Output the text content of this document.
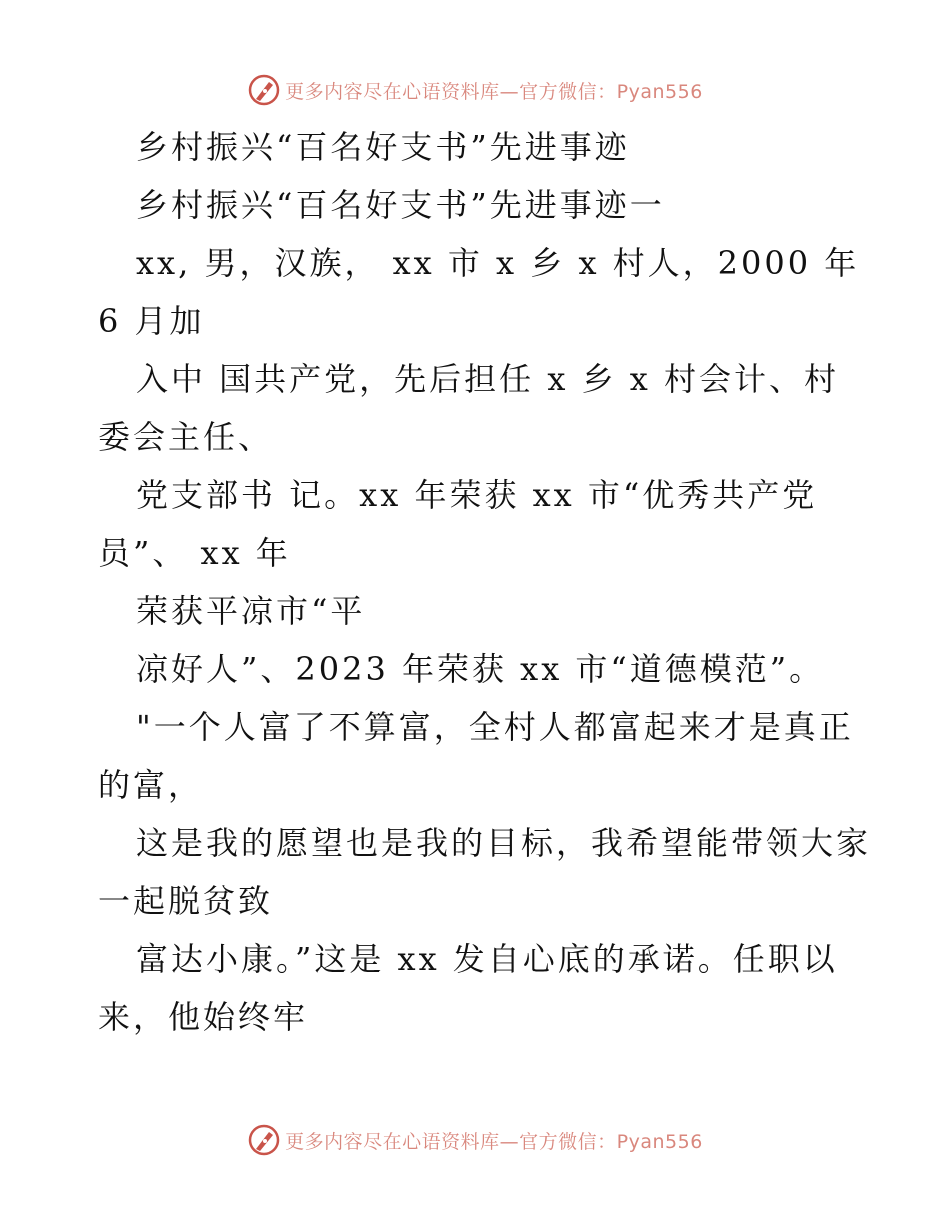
更多内容尽在心语资料库—官方微信：Pyan556
乡村振兴“百名好支书”先进事迹
乡村振兴“百名好支书”先进事迹一
xx, 男，汉族， xx 市 x 乡 x 村人，2000 年
6 月加
入中 国共产党，先后担任 x 乡 x 村会计、村
委会主任、
党支部书 记。xx 年荣获 xx 市“优秀共产党
员”、 xx 年
荣获平凉市“平
凉好人”、2023 年荣获 xx 市“道德模范”。
"一个人富了不算富，全村人都富起来才是真正
的富，
这是我的愿望也是我的目标，我希望能带领大家
一起脱贫致
富达小康。”这是 xx 发自心底的承诺。任职以
来，他始终牢
更多内容尽在心语资料库—官方微信：Pyan556
